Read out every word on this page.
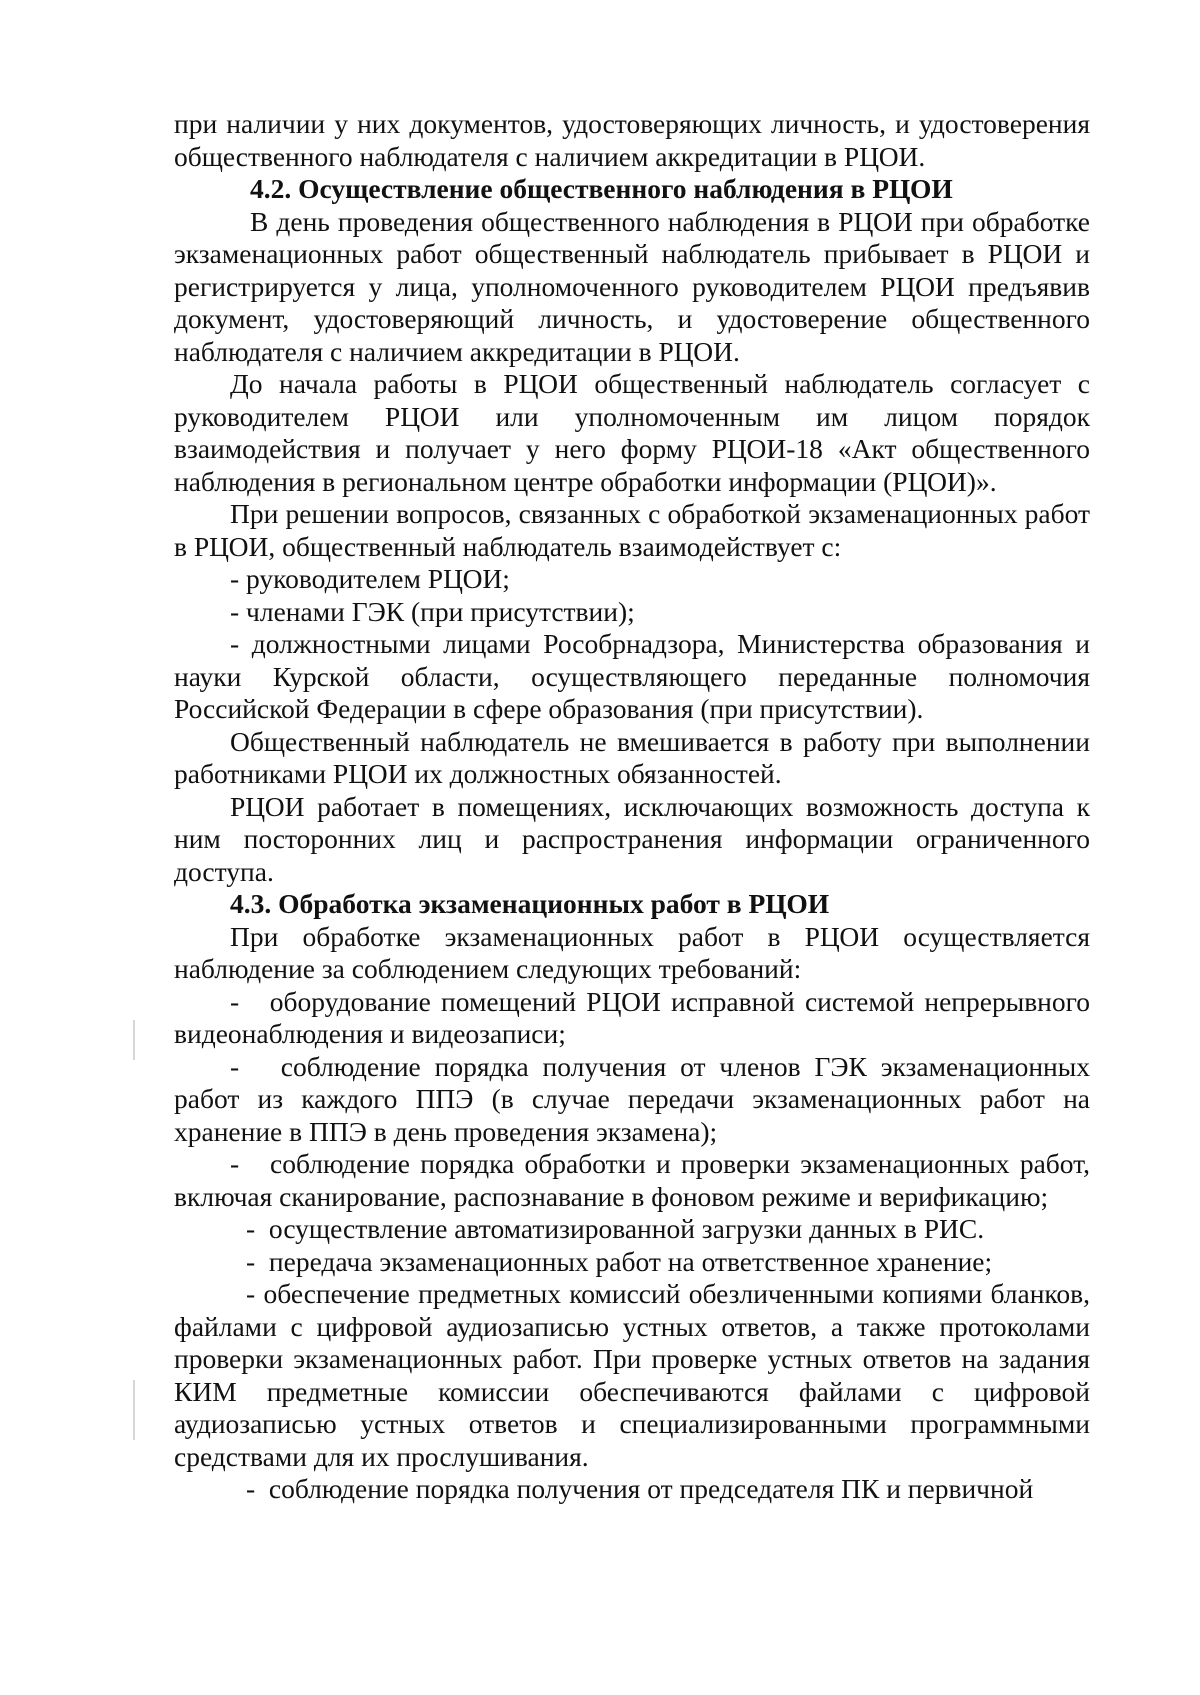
при наличии у них документов, удостоверяющих личность, и удостоверения общественного наблюдателя с наличием аккредитации в РЦОИ.

4.2. Осуществление общественного наблюдения в РЦОИ

В день проведения общественного наблюдения в РЦОИ при обработке экзаменационных работ общественный наблюдатель прибывает в РЦОИ и регистрируется у лица, уполномоченного руководителем РЦОИ предъявив документ, удостоверяющий личность, и удостоверение общественного наблюдателя с наличием аккредитации в РЦОИ.

До начала работы в РЦОИ общественный наблюдатель согласует с руководителем РЦОИ или уполномоченным им лицом порядок взаимодействия и получает у него форму РЦОИ-18 «Акт общественного наблюдения в региональном центре обработки информации (РЦОИ)».

При решении вопросов, связанных с обработкой экзаменационных работ в РЦОИ, общественный наблюдатель взаимодействует с:

- руководителем РЦОИ;

- членами ГЭК (при присутствии);

- должностными лицами Рособрнадзора, Министерства образования и науки Курской области, осуществляющего переданные полномочия Российской Федерации в сфере образования (при присутствии).

Общественный наблюдатель не вмешивается в работу при выполнении работниками РЦОИ их должностных обязанностей.

РЦОИ работает в помещениях, исключающих возможность доступа к ним посторонних лиц и распространения информации ограниченного доступа.

4.3. Обработка экзаменационных работ в РЦОИ

При обработке экзаменационных работ в РЦОИ осуществляется наблюдение за соблюдением следующих требований:

-   оборудование помещений РЦОИ исправной системой непрерывного видеонаблюдения и видеозаписи;

-   соблюдение порядка получения от членов ГЭК экзаменационных работ из каждого ППЭ (в случае передачи экзаменационных работ на хранение в ППЭ в день проведения экзамена);

-   соблюдение порядка обработки и проверки экзаменационных работ, включая сканирование, распознавание в фоновом режиме и верификацию;

-  осуществление автоматизированной загрузки данных в РИС.

-  передача экзаменационных работ на ответственное хранение;

- обеспечение предметных комиссий обезличенными копиями бланков, файлами с цифровой аудиозаписью устных ответов, а также протоколами проверки экзаменационных работ. При проверке устных ответов на задания КИМ предметные комиссии обеспечиваются файлами с цифровой аудиозаписью устных ответов и специализированными программными средствами для их прослушивания.

-  соблюдение порядка получения от председателя ПК и первичной
